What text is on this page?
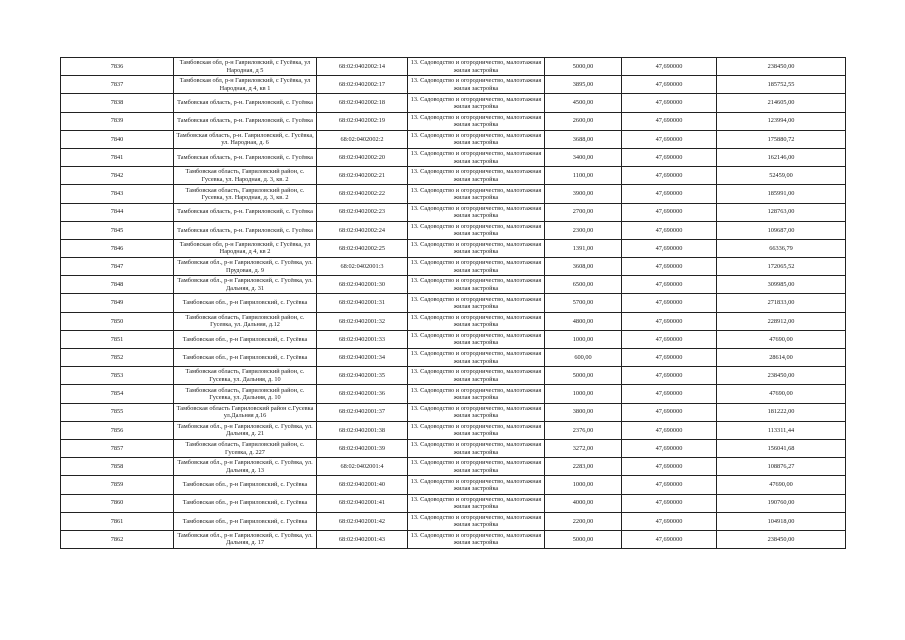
7836	Тамбовская обл, р-н Гавриловский, с Гусёвка, ул Народная, д 5	68:02:0402002:14	13. Садоводство и огородничество, малоэтажная жилая застройка	5000,00	47,690000	238450,00
7837	Тамбовская обл, р-н Гавриловский, с Гусёвка, ул Народная, д 4, кв 1	68:02:0402002:17	13. Садоводство и огородничество, малоэтажная жилая застройка	3895,00	47,690000	185752,55
7838	Тамбовская область, р-н. Гавриловский, с. Гусёвка	68:02:0402002:18	13. Садоводство и огородничество, малоэтажная жилая застройка	4500,00	47,690000	214605,00
7839	Тамбовская область, р-н. Гавриловский, с. Гусёвка	68:02:0402002:19	13. Садоводство и огородничество, малоэтажная жилая застройка	2600,00	47,690000	123994,00
7840	Тамбовская область, р-н. Гавриловский, с. Гусёвка, ул. Народная, д. 6	68:02:0402002:2	13. Садоводство и огородничество, малоэтажная жилая застройка	3688,00	47,690000	175880,72
7841	Тамбовская область, р-н. Гавриловский, с. Гусёвка	68:02:0402002:20	13. Садоводство и огородничество, малоэтажная жилая застройка	3400,00	47,690000	162146,00
7842	Тамбовская область, Гавриловский район, с. Гусевка, ул. Народная, д. 3, кв. 2	68:02:0402002:21	13. Садоводство и огородничество, малоэтажная жилая застройка	1100,00	47,690000	52459,00
7843	Тамбовская область, Гавриловский район, с. Гусевка, ул. Народная, д. 3, кв. 2	68:02:0402002:22	13. Садоводство и огородничество, малоэтажная жилая застройка	3900,00	47,690000	185991,00
7844	Тамбовская область, р-н. Гавриловский, с. Гусёвка	68:02:0402002:23	13. Садоводство и огородничество, малоэтажная жилая застройка	2700,00	47,690000	128763,00
7845	Тамбовская область, р-н. Гавриловский, с. Гусёвка	68:02:0402002:24	13. Садоводство и огородничество, малоэтажная жилая застройка	2300,00	47,690000	109687,00
7846	Тамбовская обл, р-н Гавриловский, с Гусёвка, ул Народная, д 4, кв 2	68:02:0402002:25	13. Садоводство и огородничество, малоэтажная жилая застройка	1391,00	47,690000	66336,79
7847	Тамбовская обл., р-н Гавриловский, с. Гусёвка, ул. Прудовая, д. 9	68:02:0402001:3	13. Садоводство и огородничество, малоэтажная жилая застройка	3608,00	47,690000	172065,52
7848	Тамбовская обл., р-н Гавриловский, с. Гусёвка, ул. Дальняя, д. 31	68:02:0402001:30	13. Садоводство и огородничество, малоэтажная жилая застройка	6500,00	47,690000	309985,00
7849	Тамбовская обл., р-н Гавриловский, с. Гусёвка	68:02:0402001:31	13. Садоводство и огородничество, малоэтажная жилая застройка	5700,00	47,690000	271833,00
7850	Тамбовская область, Гавриловский район, с. Гусевка, ул. Дальняя, д.12	68:02:0402001:32	13. Садоводство и огородничество, малоэтажная жилая застройка	4800,00	47,690000	228912,00
7851	Тамбовская обл., р-н Гавриловский, с. Гусёвка	68:02:0402001:33	13. Садоводство и огородничество, малоэтажная жилая застройка	1000,00	47,690000	47690,00
7852	Тамбовская обл., р-н Гавриловский, с. Гусёвка	68:02:0402001:34	13. Садоводство и огородничество, малоэтажная жилая застройка	600,00	47,690000	28614,00
7853	Тамбовская область, Гавриловский район, с. Гусевка, ул. Дальняя, д. 10	68:02:0402001:35	13. Садоводство и огородничество, малоэтажная жилая застройка	5000,00	47,690000	238450,00
7854	Тамбовская область, Гавриловский район, с. Гусевка, ул. Дальняя, д. 10	68:02:0402001:36	13. Садоводство и огородничество, малоэтажная жилая застройка	1000,00	47,690000	47690,00
7855	Тамбовская область Гавриловский район с.Гусевка ул.Дальняя д.16	68:02:0402001:37	13. Садоводство и огородничество, малоэтажная жилая застройка	3800,00	47,690000	181222,00
7856	Тамбовская обл., р-н Гавриловский, с. Гусёвка, ул. Дальняя, д. 21	68:02:0402001:38	13. Садоводство и огородничество, малоэтажная жилая застройка	2376,00	47,690000	113311,44
7857	Тамбовская область, Гавриловский район, с. Гусевка, д. 227	68:02:0402001:39	13. Садоводство и огородничество, малоэтажная жилая застройка	3272,00	47,690000	156041,68
7858	Тамбовская обл., р-н Гавриловский, с. Гусёвка, ул. Дальняя, д. 13	68:02:0402001:4	13. Садоводство и огородничество, малоэтажная жилая застройка	2283,00	47,690000	108876,27
7859	Тамбовская обл., р-н Гавриловский, с. Гусёвка	68:02:0402001:40	13. Садоводство и огородничество, малоэтажная жилая застройка	1000,00	47,690000	47690,00
7860	Тамбовская обл., р-н Гавриловский, с. Гусёвка	68:02:0402001:41	13. Садоводство и огородничество, малоэтажная жилая застройка	4000,00	47,690000	190760,00
7861	Тамбовская обл., р-н Гавриловский, с. Гусёвка	68:02:0402001:42	13. Садоводство и огородничество, малоэтажная жилая застройка	2200,00	47,690000	104918,00
7862	Тамбовская обл., р-н Гавриловский, с. Гусёвка, ул. Дальняя, д. 17	68:02:0402001:43	13. Садоводство и огородничество, малоэтажная жилая застройка	5000,00	47,690000	238450,00
